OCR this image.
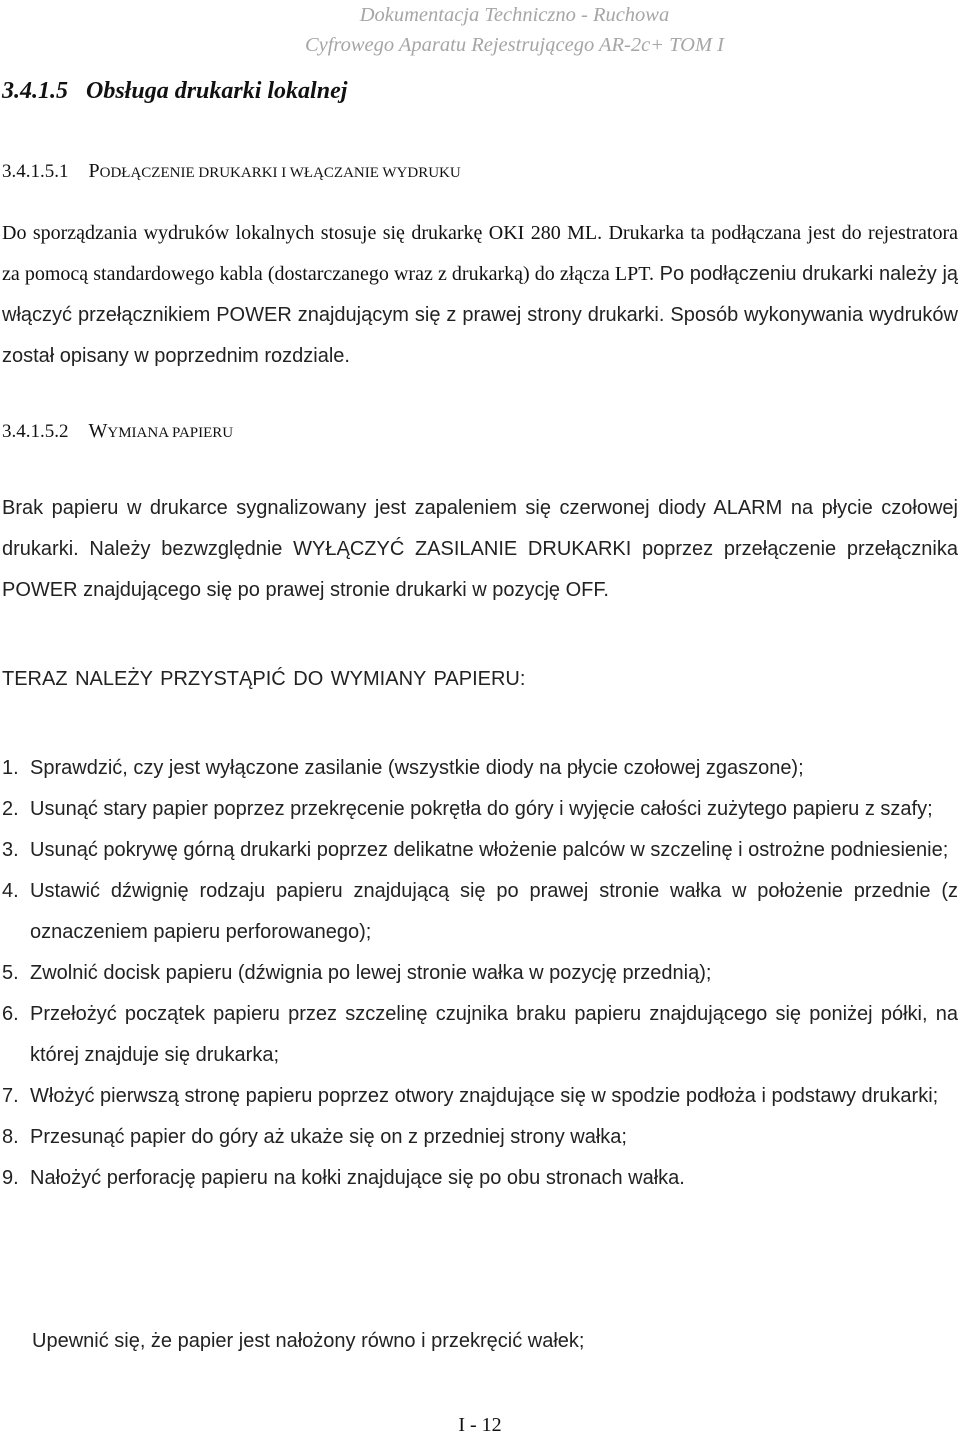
Dokumentacja Techniczno - Ruchowa
Cyfrowego Aparatu Rejestrującego AR-2c+ TOM I
3.4.1.5 Obsługa drukarki lokalnej
3.4.1.5.1 PODŁĄCZENIE DRUKARKI I WŁĄCZANIE WYDRUKU
Do sporządzania wydruków lokalnych stosuje się drukarkę OKI 280 ML. Drukarka ta podłączana jest do rejestratora za pomocą standardowego kabla (dostarczanego wraz z drukarką) do złącza LPT. Po podłączeniu drukarki należy ją włączyć przełącznikiem POWER znajdującym się z prawej strony drukarki. Sposób wykonywania wydruków został opisany w poprzednim rozdziale.
3.4.1.5.2 WYMIANA PAPIERU
Brak papieru w drukarce sygnalizowany jest zapaleniem się czerwonej diody ALARM na płycie czołowej drukarki. Należy bezwzględnie WYŁĄCZYĆ ZASILANIE DRUKARKI poprzez przełączenie przełącznika POWER znajdującego się po prawej stronie drukarki w pozycję OFF.
TERAZ NALEŻY PRZYSTĄPIĆ DO WYMIANY PAPIERU:
1. Sprawdzić, czy jest wyłączone zasilanie (wszystkie diody na płycie czołowej zgaszone);
2. Usunąć stary papier poprzez przekręcenie pokrętła do góry i wyjęcie całości zużytego papieru z szafy;
3. Usunąć pokrywę górną drukarki poprzez delikatne włożenie palców w szczelinę i ostrożne podniesienie;
4. Ustawić dźwignię rodzaju papieru znajdującą się po prawej stronie wałka w położenie przednie (z oznaczeniem papieru perforowanego);
5. Zwolnić docisk papieru (dźwignia po lewej stronie wałka w pozycję przednią);
6. Przełożyć początek papieru przez szczelinę czujnika braku papieru znajdującego się poniżej półki, na której znajduje się drukarka;
7. Włożyć pierwszą stronę papieru poprzez otwory znajdujące się w spodzie podłoża i podstawy drukarki;
8. Przesunąć papier do góry aż ukaże się on z przedniej strony wałka;
9. Nałożyć perforację papieru na kołki znajdujące się po obu stronach wałka.
Upewnić się, że papier jest nałożony równo i przekręcić wałek;
I - 12
